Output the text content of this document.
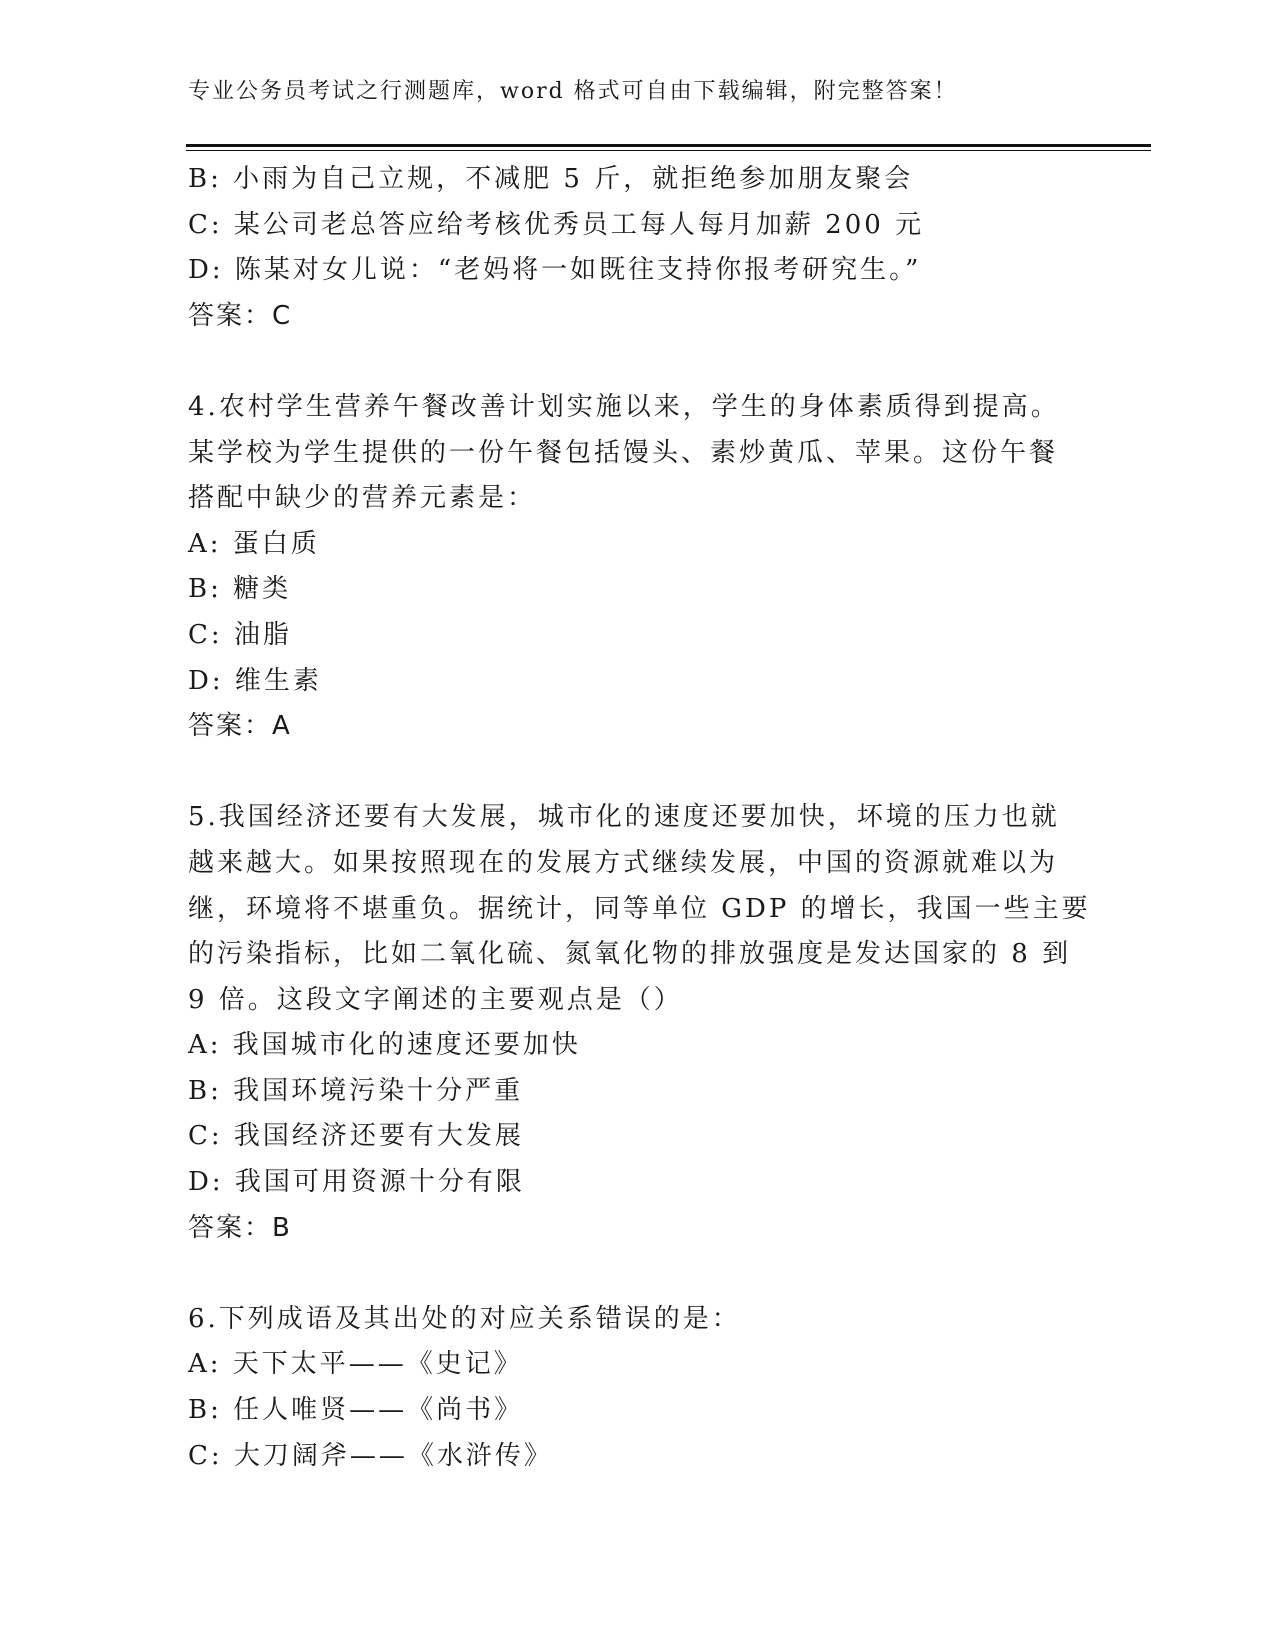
专业公务员考试之行测题库，word 格式可自由下载编辑，附完整答案！

B: 小雨为自己立规，不减肥 5 斤，就拒绝参加朋友聚会

C: 某公司老总答应给考核优秀员工每人每月加薪 200 元

D: 陈某对女儿说：“老妈将一如既往支持你报考研究生。”

答案：C

4.农村学生营养午餐改善计划实施以来，学生的身体素质得到提高。

某学校为学生提供的一份午餐包括馒头、素炒黄瓜、苹果。这份午餐

搭配中缺少的营养元素是：

A: 蛋白质

B: 糖类

C: 油脂

D: 维生素

答案：A

5.我国经济还要有大发展，城市化的速度还要加快，坏境的压力也就

越来越大。如果按照现在的发展方式继续发展，中国的资源就难以为

继，环境将不堪重负。据统计，同等单位 GDP 的增长，我国一些主要

的污染指标，比如二氧化硫、氮氧化物的排放强度是发达国家的 8 到

9 倍。这段文字阐述的主要观点是（）

A: 我国城市化的速度还要加快

B: 我国环境污染十分严重

C: 我国经济还要有大发展

D: 我国可用资源十分有限

答案：B

6.下列成语及其出处的对应关系错误的是：

A: 天下太平——《史记》

B: 任人唯贤——《尚书》

C: 大刀阔斧——《水浒传》
